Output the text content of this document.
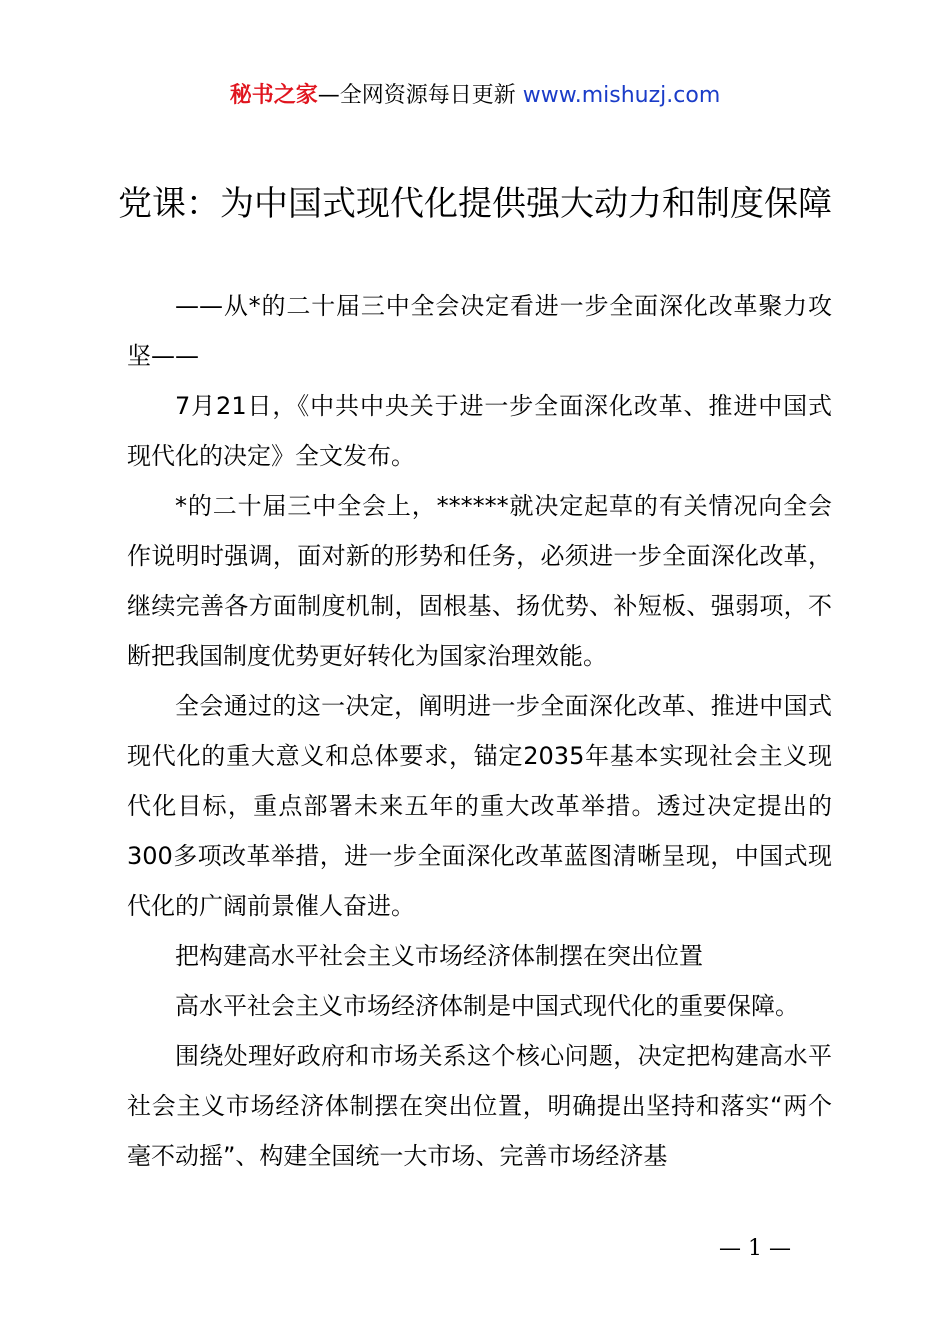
秘书之家—全网资源每日更新 www.mishuzj.com
党课：为中国式现代化提供强大动力和制度保障

——从*的二十届三中全会决定看进一步全面深化改革聚力攻坚——

7月21日，《中共中央关于进一步全面深化改革、推进中国式现代化的决定》全文发布。

*的二十届三中全会上，******就决定起草的有关情况向全会作说明时强调，面对新的形势和任务，必须进一步全面深化改革，继续完善各方面制度机制，固根基、扬优势、补短板、强弱项，不断把我国制度优势更好转化为国家治理效能。

全会通过的这一决定，阐明进一步全面深化改革、推进中国式现代化的重大意义和总体要求，锚定2035年基本实现社会主义现代化目标，重点部署未来五年的重大改革举措。透过决定提出的300多项改革举措，进一步全面深化改革蓝图清晰呈现，中国式现代化的广阔前景催人奋进。

把构建高水平社会主义市场经济体制摆在突出位置

高水平社会主义市场经济体制是中国式现代化的重要保障。

围绕处理好政府和市场关系这个核心问题，决定把构建高水平社会主义市场经济体制摆在突出位置，明确提出坚持和落实“两个毫不动摇”、构建全国统一大市场、完善市场经济基

— 1 —
